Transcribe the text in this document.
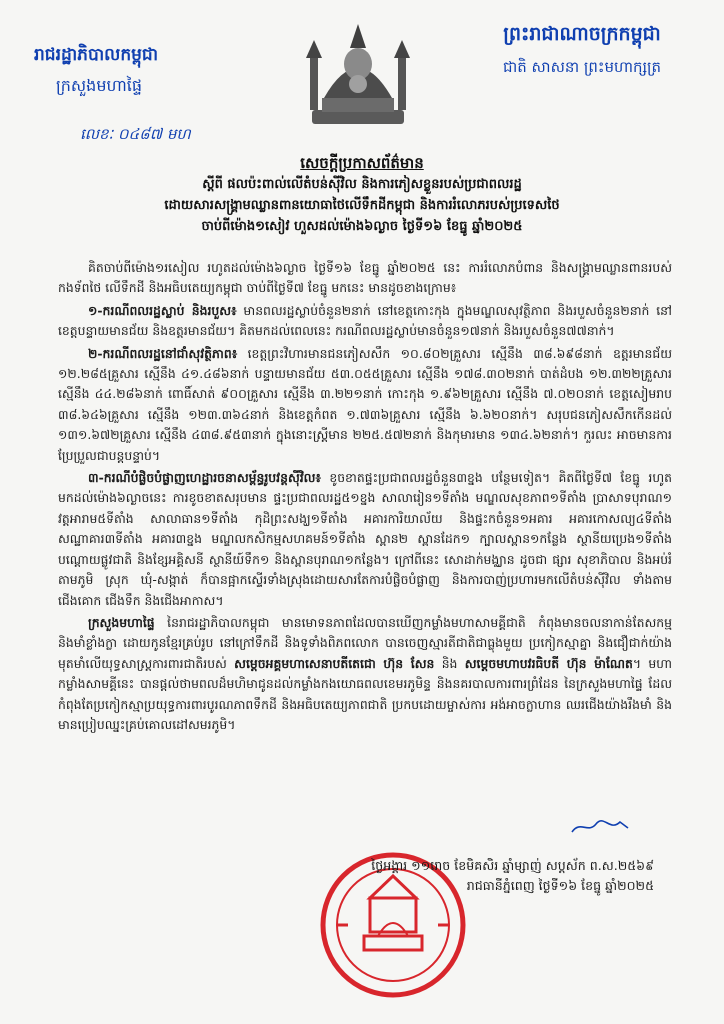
រាជរដ្ឋាភិបាលកម្ពុជា
ក្រសួងមហាផ្ទៃ
លេខៈ ០៤៨៧ មហ
ព្រះរាជាណាចក្រកម្ពុជា
ជាតិ សាសនា ព្រះមហាក្សត្រ
សេចក្តីប្រកាសព័ត៌មាន
ស្តីពី ផលប៉ះពាល់លើតំបន់ស៊ីវិល និងការភៀសខ្លួនរបស់ប្រជាពលរដ្ឋ
ដោយសារសង្គ្រាមឈ្លានពានយោធាថៃលើទឹកដីកម្ពុជា និងការរំលោភរបស់ប្រទេសថៃ
ចាប់ពីម៉ោង១សៀវ ហួសដល់ម៉ោង៦ល្ងាច ថ្ងៃទី១៦ ខែធ្នូ ឆ្នាំ២០២៥

គិតចាប់ពីម៉ោង១រសៀល រហូតដល់ម៉ោង៦ល្ងាច ថ្ងៃទី១៦ ខែធ្នូ ឆ្នាំ២០២៥ នេះ ការរំលោភបំពាន និងសង្គ្រាមឈ្លានពានរបស់កងទ័ពថៃ លើទឹកដី និងអធិបតេយ្យកម្ពុជា ចាប់ពីថ្ងៃទី៧ ខែធ្នូ មកនេះ មានដូចខាងក្រោម៖

១-ករណីពលរដ្ឋស្លាប់ និងរបួស៖ មានពលរដ្ឋស្លាប់ចំនួន២នាក់ នៅខេត្តកោះកុង ក្នុងមណ្ឌលសុវត្ថិភាព និងរបួសចំនួន២នាក់ នៅខេត្តបន្ទាយមានជ័យ និងឧត្តរមានជ័យ។ គិតមកដល់ពេលនេះ ករណីពលរដ្ឋស្លាប់មានចំនួន១៧នាក់ និងរបួសចំនួន៧៧នាក់។

២-ករណីពលរដ្ឋនៅជាំសុវត្ថិភាព៖ ខេត្តព្រះវិហារមានជនភៀសសឹក ១០.៨០២គ្រួសារ ស្មើនឹង ៣៨.៦៩៨នាក់ ឧត្តរមានជ័យ ១២.២៨៥គ្រួសារ ស្មើនឹង ៤១.៤៨៦នាក់ បន្ទាយមានជ័យ ៥៣.០៥៥គ្រួសារ ស្មើនឹង ១៧៨.៣០២នាក់ បាត់ដំបង ១២.៣២២គ្រួសារ ស្មើនឹង ៤៤.២៨៦នាក់ ពោធិ៍សាត់ ៩០០គ្រួសារ ស្មើនឹង ៣.២២១នាក់ កោះកុង ១.៩៦២គ្រួសារ ស្មើនឹង ៧.០២០នាក់ ខេត្តសៀមរាប ៣៨.៦៤៦គ្រួសារ ស្មើនឹង ១២៣.៣៦៤នាក់ និងខេត្តកំពត ១.៧៣៦គ្រួសារ ស្មើនឹង ៦.៦២០នាក់។ សរុបជនភៀសសឹកកើនដល់ ១៣១.៦៧២គ្រួសារ ស្មើនឹង ៤៣៨.៩៥៣នាក់ ក្នុងនោះស្ត្រីមាន ២២៥.៥៧២នាក់ និងកុមារមាន ១៣៤.៦២នាក់។ កួរលះ អាចមានការប្រែប្រួលជាបន្តបន្ទាប់។

៣-ករណីបំផ្លិចបំផ្លាញហេដ្ឋារចនាសម្ព័ន្ធរូបវន្តស៊ីវិល៖ ខូចខាតផ្ទះប្រជាពលរដ្ឋចំនួន៣ខ្នង បន្ថែមទៀត។ គិតពីថ្ងៃទី៧ ខែធ្នូ រហូតមកដល់ម៉ោង៦ល្ងាចនេះ ការខូចខាតសរុបមាន ផ្ទះប្រជាពលរដ្ឋ៥១ខ្នង សាលារៀន១ទីតាំង មណ្ឌលសុខភាព១ទីតាំង ប្រាសាទបុរាណ១ វត្តអារាម៥ទីតាំង សាលាធាន១ទីតាំង កុដិព្រះសង្ឃ១ទីតាំង អគារការិយាល័យ និងផ្ទះកចំនួន១អគារ អគារកោសល្យ៤ទីតាំង សណ្ឋាគារ៣ទីតាំង អគារ៣ខ្នង មណ្ឌលកសិកម្មសហគមន៍១ទីតាំង ស្ពាន២ ស្ពានដែក១ ក្បាលស្ពាន១កន្លែង ស្ថានីយប្រេង១ទីតាំង បណ្ដោយផ្លូវជាតិ និងខ្សែអគ្គិសនី ស្ថានីយ៍ទឹក១ និងស្ពានបុរាណ១កន្លែង។ ក្រៅពីនេះ សោដាក់មង្ឈាន ដូចជា ផ្សារ សុខាភិបាល និងអប់រំតាមភូមិ ស្រុក ឃុំ-សង្កាត់ ក៏បានផ្អាកស្ទើរទាំងស្រុងដោយសារតែការបំផ្លិចបំផ្លាញ និងការបាញ់ប្រហារមកលើតំបន់ស៊ីវិល ទាំងតាមជើងគោក ជើងទឹក និងជើងអាកាស។

ក្រសួងមហាផ្ទៃ នៃរាជរដ្ឋាភិបាលកម្ពុជា មានមោទនភាពដែលបានឃើញកម្លាំងមហាសាមគ្គីជាតិ កំពុងមានចលនាកាន់តែសកម្មនិងមាំខ្លាំងក្លា ដោយកូនខ្មែរគ្រប់រូប នៅក្រៅទឹកដី និងទូទាំងពិភពលោក បានចេញស្មារតីជាតិជាធ្លុងមួយ ប្រកៀកស្មាគ្នា និងជឿជាក់យ៉ាងមុតមាំលើយុទ្ធសាស្រ្តការពារជាតិរបស់ សម្ដេចអគ្គមហាសេនាបតីតេជោ ហ៊ុន សែន និង សម្ដេចមហាបវរធិបតី ហ៊ុន ម៉ាណែត។ មហាកម្លាំងសាមគ្គីនេះ បានផ្តល់ថាមពលដ៏មហិមាជូនដល់កម្លាំងកងយោធពលខេមរភូមិន្ទ និងនគរបាលការពារព្រំដែន នៃក្រសួងមហាផ្ទៃ ដែលកំពុងតែប្រកៀកស្មាប្រយុទ្ធការពារបូរណភាពទឹកដី និងអធិបតេយ្យភាពជាតិ ប្រកបដោយម្ចាស់ការ អង់អាចក្លាហាន ឈរជើងយ៉ាងរឹងមាំ និងមានប្រៀបឈ្នះគ្រប់គោលដៅសមរភូមិ។

ថ្ងៃអង្គារ ១១រោច ខែមិគសិរ ឆ្នាំម្សាញ់ សប្តស័ក ព.ស.២៥៦៩
រាជធានីភ្នំពេញ ថ្ងៃទី១៦ ខែធ្នូ ឆ្នាំ២០២៥
